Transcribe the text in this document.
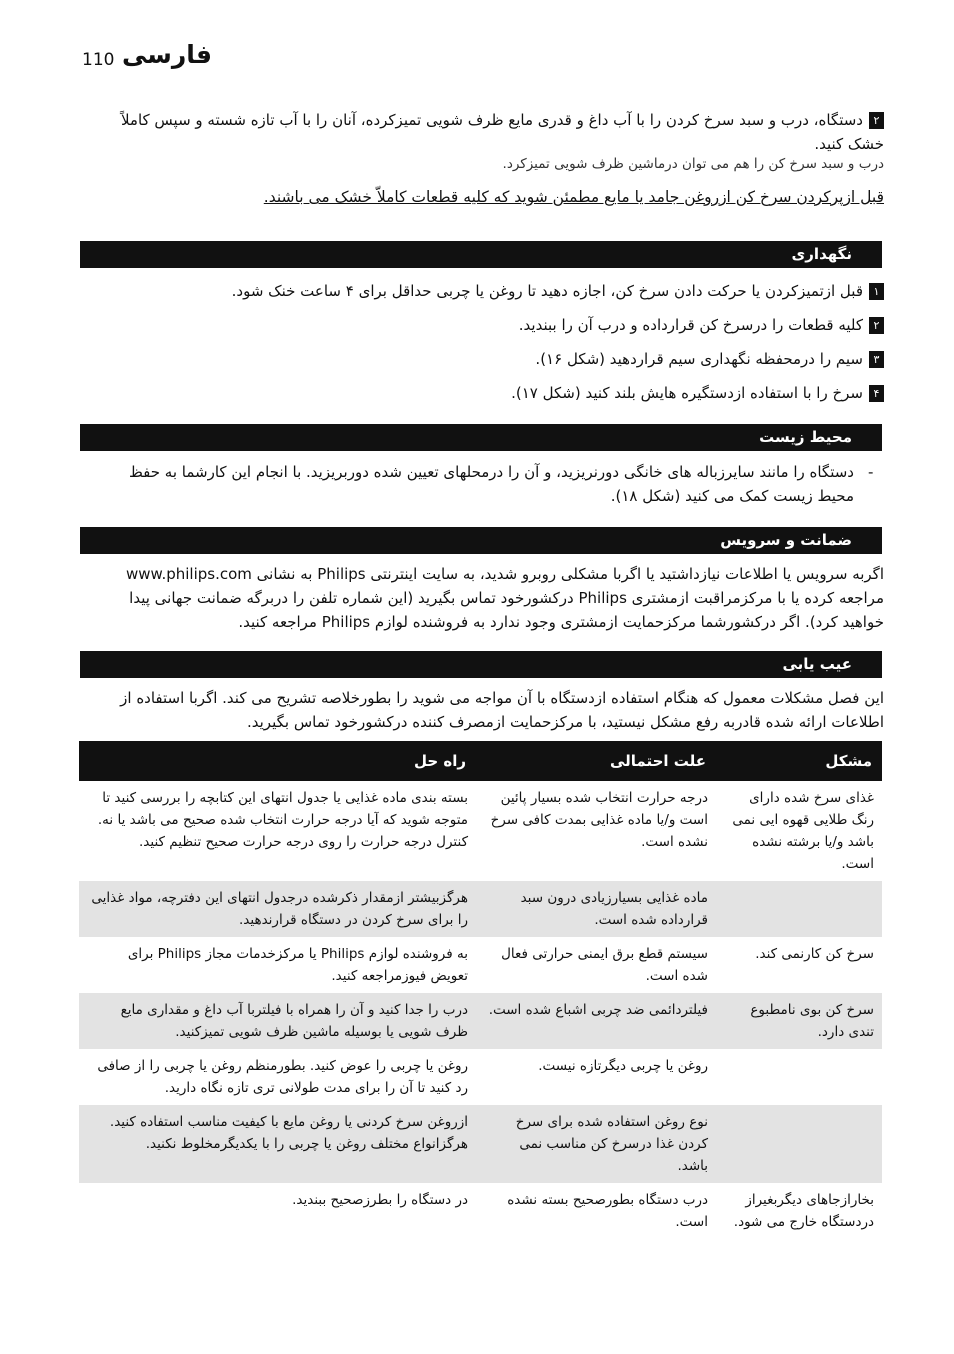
110 فارسی
۲دستگاه، درب و سبد سرخ کردن را با آب داغ و قدری مایع ظرف شویی تمیزکرده، آنان را با آب تازه شسته و سپس کاملاً خشک کنید.
درب و سبد سرخ کن را هم می توان درماشین ظرف شویی تمیزکرد.
قبل ازپرکردن سرخ کن ازروغن جامد یا مایع مطمئن شوید که کلیه قطعات کاملاّ خشک می باشند.
نگهداری
۱قبل ازتمیزکردن یا حرکت دادن سرخ کن، اجازه دهید تا روغن یا چربی حداقل برای ۴ ساعت خنک شود.
۲کلیه قطعات را درسرخ کن قرارداده و درب آن را ببندید.
۳سیم را درمحفظه نگهداری سیم قراردهید (شکل ۱۶).
۴سرخ را با استفاده ازدستگیره هایش بلند کنید (شکل ۱۷).
محیط زیست
-
دستگاه را مانند سایرزباله های خانگی دورنریزید، و آن را درمحلهای تعیین شده دوربریزید. با انجام این کارشما به حفظ محیط زیست کمک می کنید (شکل ۱۸).
ضمانت و سرویس
اگربه سرویس یا اطلاعات نیازداشتید یا اگربا مشکلی روبرو شدید، به سایت اینترنتی Philips به نشانی www.philips.com مراجعه کرده یا با مرکزمراقبت ازمشتری Philips درکشورخود تماس بگیرید (این شماره تلفن را دربرگه ضمانت جهانی پیدا خواهید کرد). اگر درکشورشما مرکزحمایت ازمشتری وجود ندارد به فروشنده لوازم Philips مراجعه کنید.
عیب یابی
این فصل مشکلات معمول که هنگام استفاده ازدستگاه با آن مواجه می شوید را بطورخلاصه تشریح می کند. اگربا استفاده از اطلاعات ارائه شده قادربه رفع مشکل نیستید، با مرکزحمایت ازمصرف کننده درکشورخود تماس بگیرید.
مشکل	علت احتمالی	راه حل
غذای سرخ شده دارای رنگ طلایی قهوه ایی نمی باشد و/یا برشته نشده است.	درجه حرارت انتخاب شده بسیار پائین است و/یا ماده غذایی بمدت کافی سرخ نشده است.	بسته بندی ماده غذایی یا جدول انتهای این کتابچه را بررسی کنید تا متوجه شوید که آیا درجه حرارت انتخاب شده صحیح می باشد یا نه. کنترل درجه حرارت را روی درجه حرارت صحیح تنظیم کنید.
	ماده غذایی بسیارزیادی درون سبد قرارداده شده است.	هرگزبیشتر ازمقدار ذکرشده درجدول انتهای این دفترچه، مواد غذایی را برای سرخ کردن در دستگاه قرارندهید.
سرخ کن کارنمی کند.	سیستم قطع برق ایمنی حرارتی فعال شده است.	به فروشنده لوازم Philips یا مرکزخدمات مجاز Philips برای تعویض فیوزمراجعه کنید.
سرخ کن بوی نامطبوع تندی دارد.	فیلتردائمی ضد چربی اشباع شده است.	درب را جدا کنید و آن را همراه با فیلتربا آب داغ و مقداری مایع ظرف شویی یا بوسیله ماشین ظرف شویی تمیزکنید.
	روغن یا چربی دیگرتازه نیست.	روغن یا چربی را عوض کنید. بطورمنظم روغن یا چربی را از صافی رد کنید تا آن را برای مدت طولانی تری تازه نگاه دارید.
	نوع روغن استفاده شده برای سرخ کردن غذا درسرخ کن مناسب نمی باشد.	ازروغن سرخ کردنی یا روغن مایع با کیفیت مناسب استفاده کنید. هرگزانواع مختلف روغن یا چربی را با یکدیگرمخلوط نکنید.
بخارازجاهای دیگربغیراز دردستگاه خارج می شود.	درب دستگاه بطورصحیح بسته نشده است.	در دستگاه را بطرزصحیح ببندید.
